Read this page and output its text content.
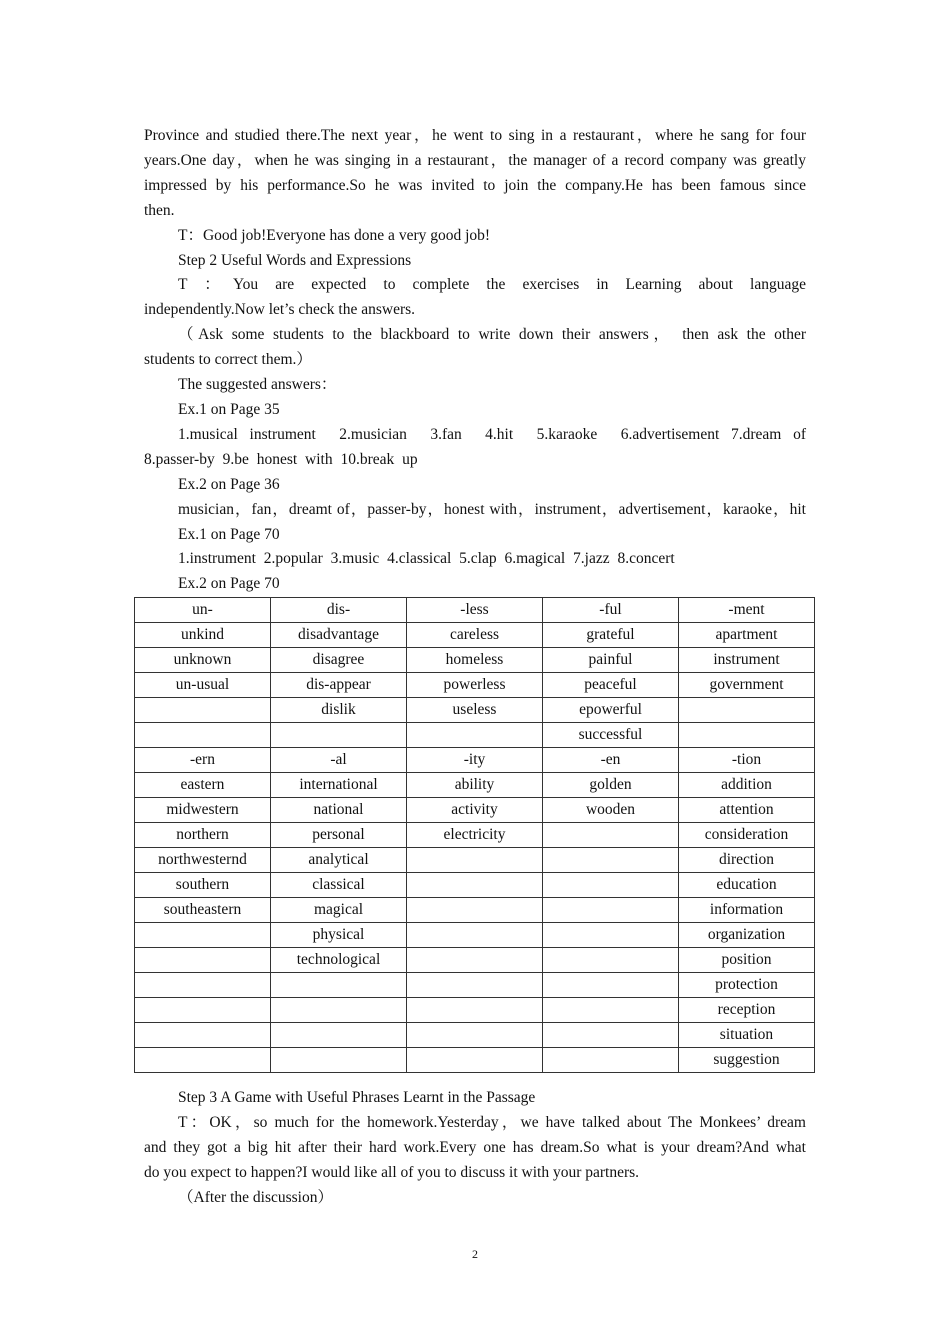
Province and studied there.The next year，he went to sing in a restaurant，where he sang for four

years.One day，when he was singing in a restaurant，the manager of a record company was greatly

impressed by his performance.So he was invited to join the company.He has been famous since

then.

T：Good job!Everyone has done a very good job!

Step 2 Useful Words and Expressions

T ：You are expected to complete the exercises in Learning about language

independently.Now let’s check the answers.

（Ask some students to the blackboard to write down their answers， then ask the other

students to correct them.）

The suggested answers：

Ex.1 on Page 35

1.musical instrument  2.musician  3.fan  4.hit  5.karaoke  6.advertisement 7.dream of

8.passer-by 9.be honest with 10.break up

Ex.2 on Page 36

musician，fan，dreamt of，passer-by，honest with，instrument，advertisement，karaoke，hit

Ex.1 on Page 70

1.instrument 2.popular 3.music 4.classical 5.clap 6.magical 7.jazz 8.concert

Ex.2 on Page 70

un-	dis-	-less	-ful	-ment
unkind	disadvantage	careless	grateful	apartment
unknown	disagree	homeless	painful	instrument
un-usual	dis-appear	powerless	peaceful	government
	dislik	useless	epowerful	
			successful	
-ern	-al	-ity	-en	-tion
eastern	international	ability	golden	addition
midwestern	national	activity	wooden	attention
northern	personal	electricity		consideration
northwesternd	analytical			direction
southern	classical			education
southeastern	magical			information
	physical			organization
	technological			position
				protection
				reception
				situation
				suggestion

Step 3 A Game with Useful Phrases Learnt in the Passage

T：OK，so much for the homework.Yesterday，we have talked about The Monkees’ dream

and they got a big hit after their hard work.Every one has dream.So what is your dream?And what

do you expect to happen?I would like all of you to discuss it with your partners.

（After the discussion）

2
